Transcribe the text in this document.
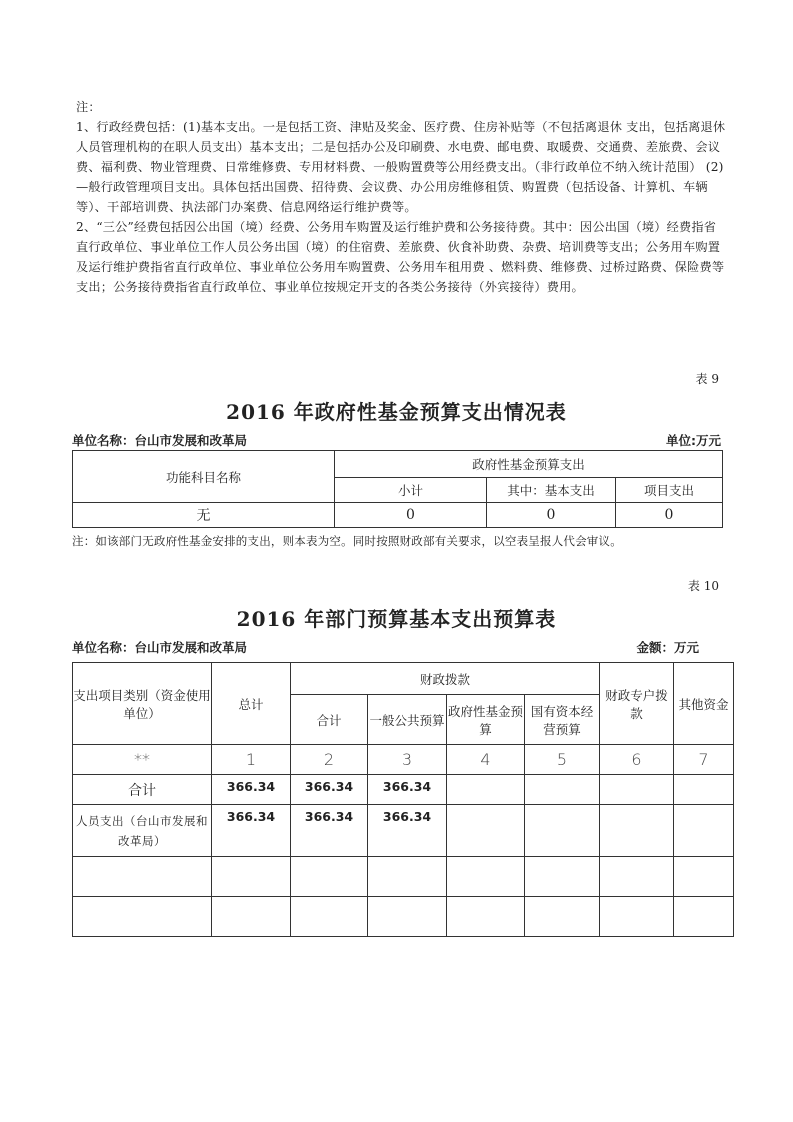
注：

1、行政经费包括：(1)基本支出。一是包括工资、津贴及奖金、医疗费、住房补贴等（不包括离退休 支出，包括离退休人员管理机构的在职人员支出）基本支出；二是包括办公及印刷费、水电费、邮电费、取暖费、交通费、差旅费、会议费、福利费、物业管理费、日常维修费、专用材料费、一般购置费等公用经费支出。（非行政单位不纳入统计范围） (2) —般行政管理项目支出。具体包括出国费、招待费、会议费、办公用房维修租赁、购置费（包括设备、计算机、车辆等）、干部培训费、执法部门办案费、信息网络运行维护费等。

2、“三公”经费包括因公出国（境）经费、公务用车购置及运行维护费和公务接待费。其中：因公出国（境）经费指省直行政单位、事业单位工作人员公务出国（境）的住宿费、差旅费、伙食补助费、杂费、培训费等支出；公务用车购置及运行维护费指省直行政单位、事业单位公务用车购置费、公务用车租用费 、燃料费、维修费、过桥过路费、保险费等支出；公务接待费指省直行政单位、事业单位按规定开支的各类公务接待（外宾接待）费用。

表 9
2016 年政府性基金预算支出情况表
单位名称：台山市发展和改革局	单位:万元
功能科目名称	政府性基金预算支出		
	小计	其中：基本支出	项目支出
无	0	0	0
注：如该部门无政府性基金安排的支出，则本表为空。同时按照财政部有关要求，以空表呈报人代会审议。
表 10
2016 年部门预算基本支出预算表
单位名称：台山市发展和改革局	金额：万元
支出项目类别（资金使用单位）	总计	财政拨款				财政专户拨款	其他资金
		合计	一般公共预算	政府性基金预算	国有资本经营预算		
**	1	2	3	4	5	6	7
合计	366.34	366.34	366.34				
人员支出（台山市发展和改革局）	366.34	366.34	366.34				
